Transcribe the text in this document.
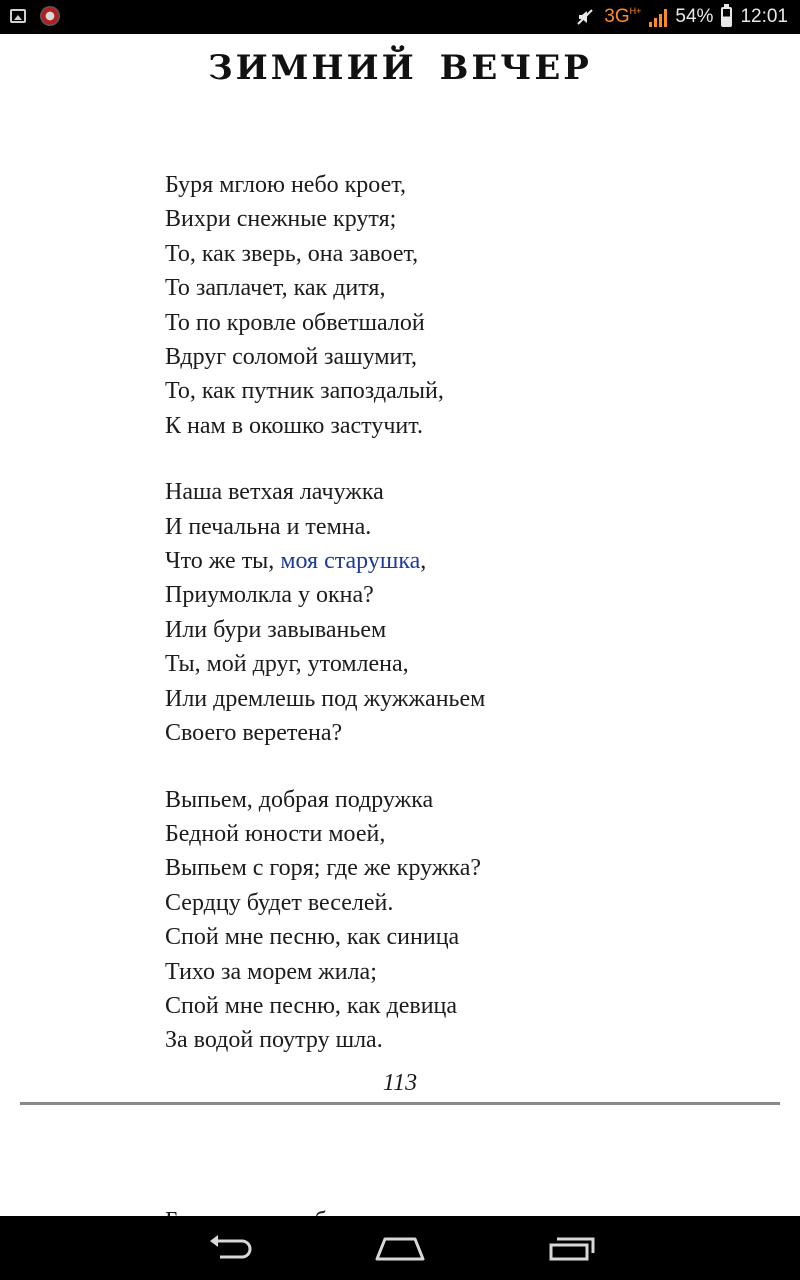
3G H+ 54% 12:01
ЗИМНИЙ ВЕЧЕР
Буря мглою небо кроет,
Вихри снежные крутя;
То, как зверь, она завоет,
То заплачет, как дитя,
То по кровле обветшалой
Вдруг соломой зашумит,
То, как путник запоздалый,
К нам в окошко застучит.
Наша ветхая лачужка
И печальна и темна.
Что же ты, моя старушка,
Приумолкла у окна?
Или бури завываньем
Ты, мой друг, утомлена,
Или дремлешь под жужжаньем
Своего веретена?
Выпьем, добрая подружка
Бедной юности моей,
Выпьем с горя; где же кружка?
Сердцу будет веселей.
Спой мне песню, как синица
Тихо за морем жила;
Спой мне песню, как девица
За водой поутру шла.
113
